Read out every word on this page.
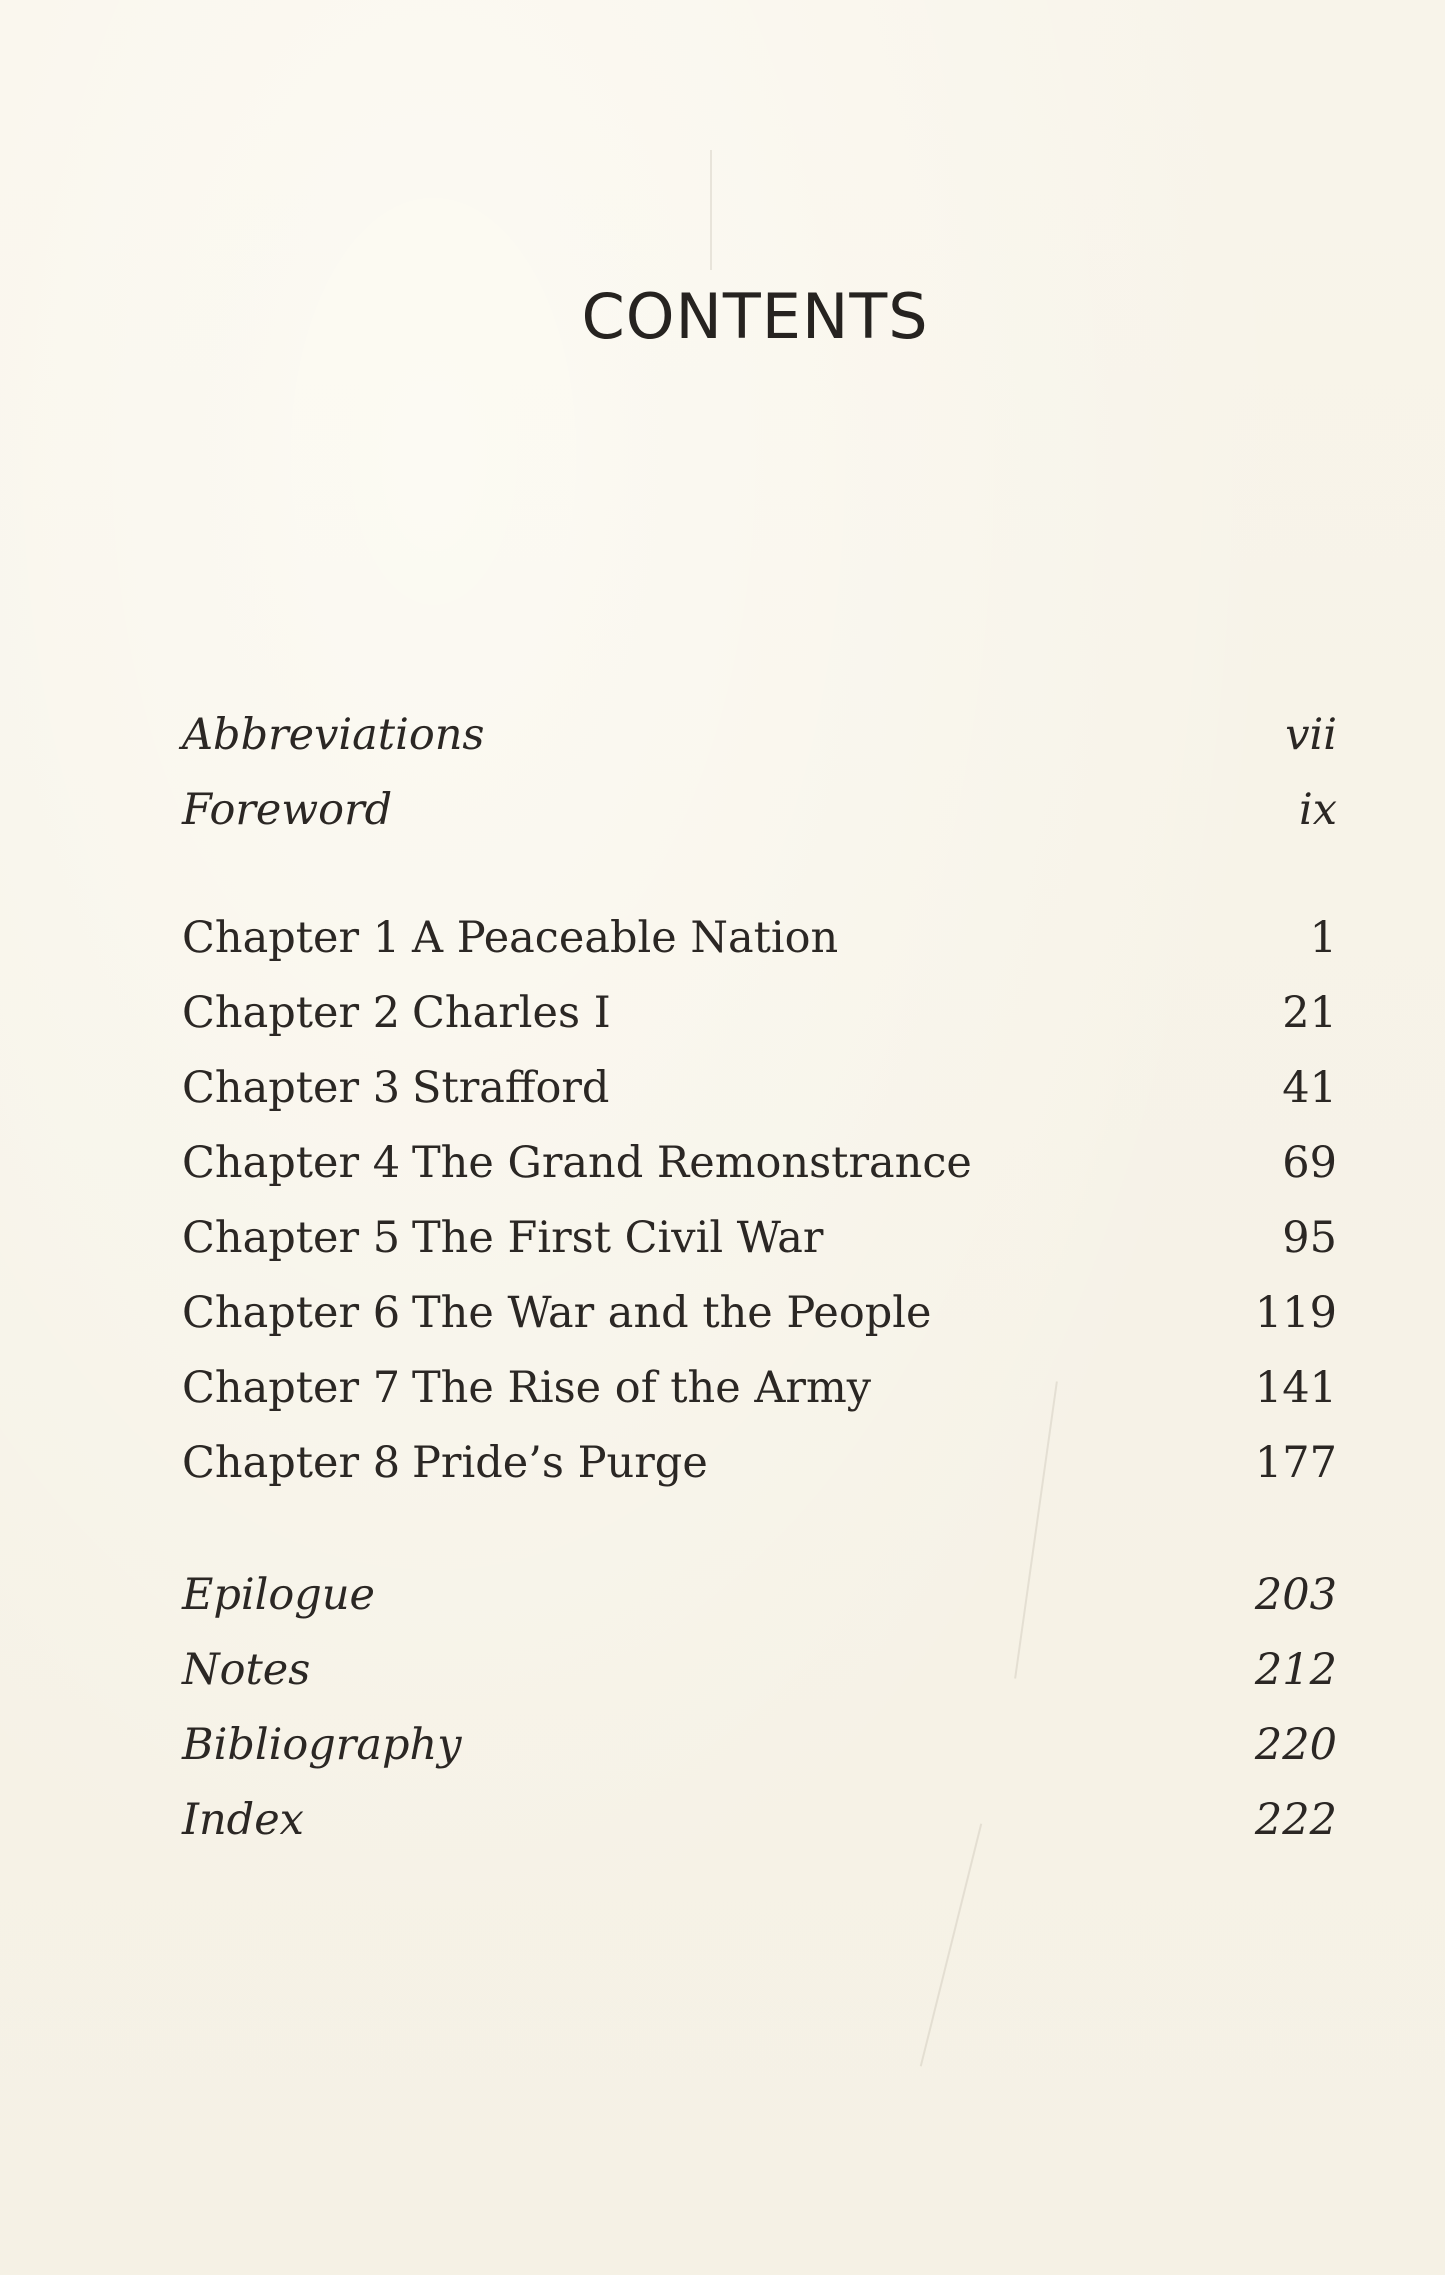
CONTENTS
Abbreviations	vii
Foreword	ix
Chapter 1 A Peaceable Nation	1
Chapter 2 Charles I	21
Chapter 3 Strafford	41
Chapter 4 The Grand Remonstrance	69
Chapter 5 The First Civil War	95
Chapter 6 The War and the People	119
Chapter 7 The Rise of the Army	141
Chapter 8 Pride’s Purge	177
Epilogue	203
Notes	212
Bibliography	220
Index	222
